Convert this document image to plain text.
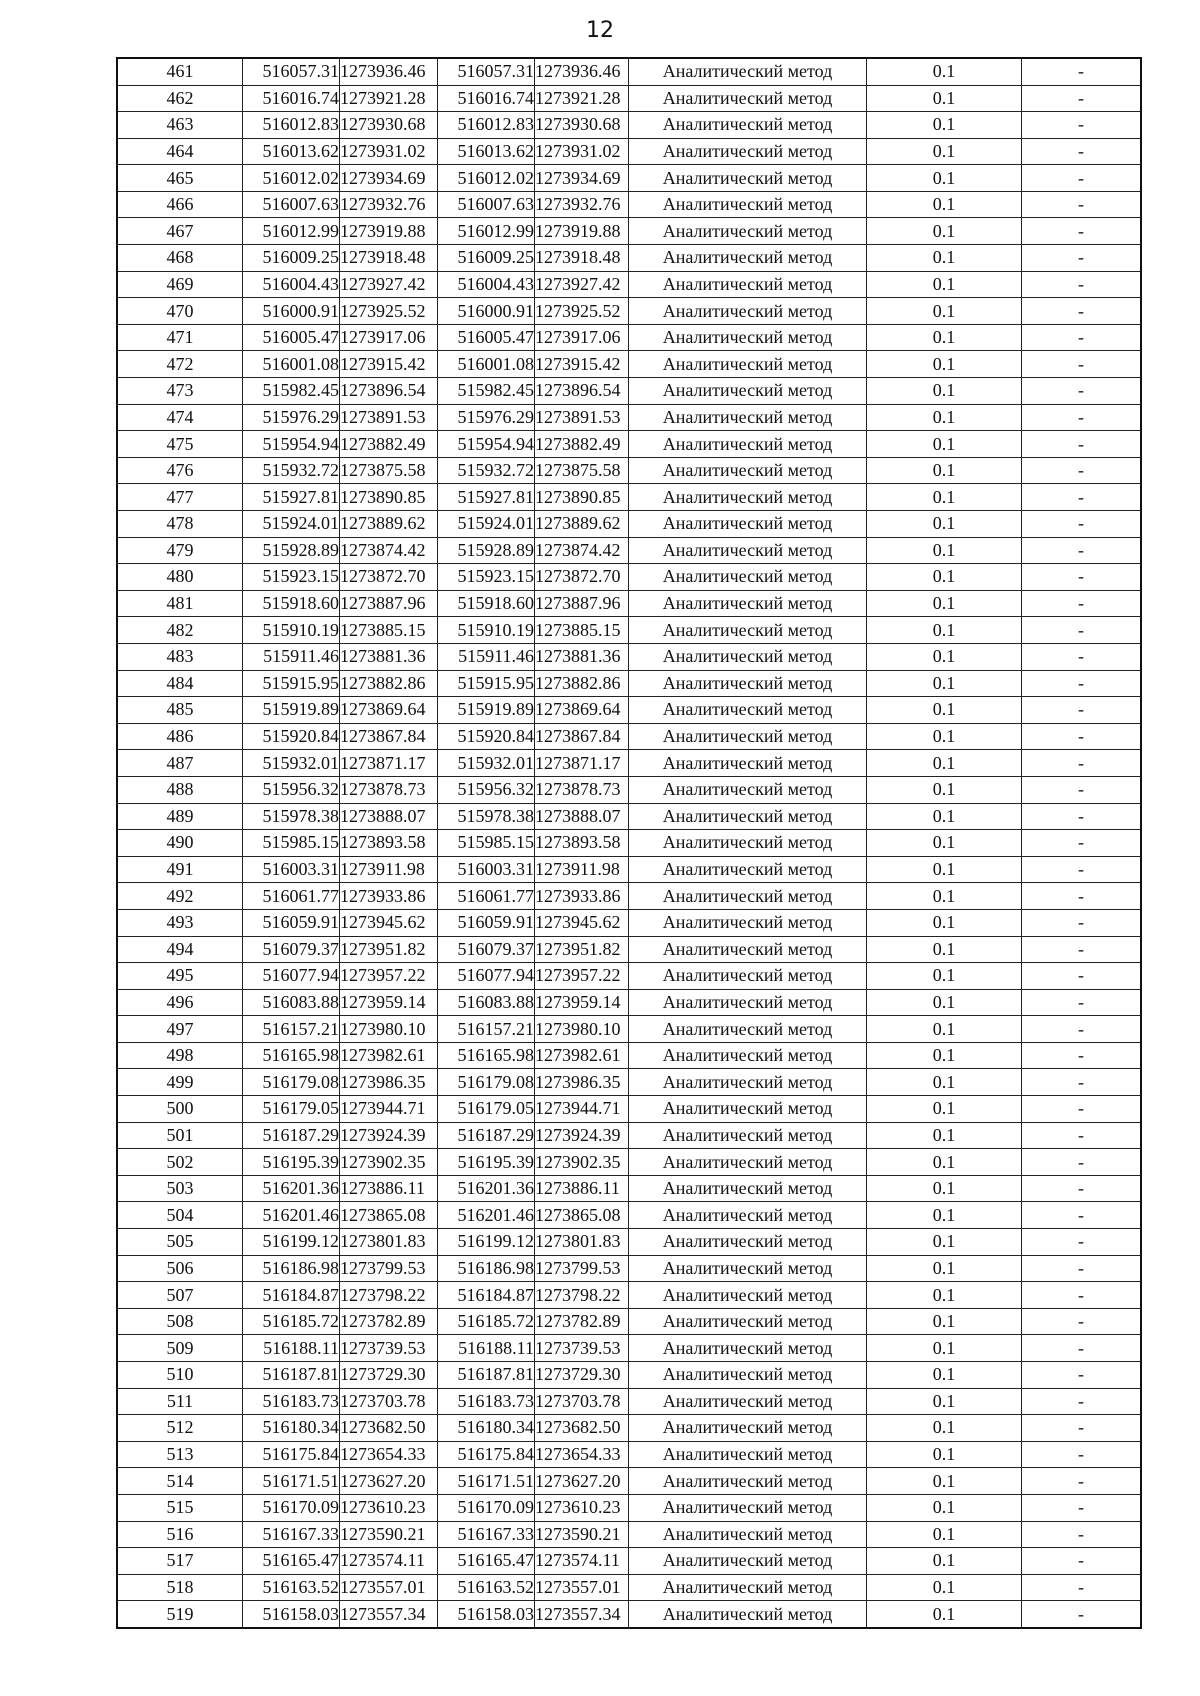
12
461	516057.31	1273936.46	516057.31	1273936.46	Аналитический метод	0.1	-
462	516016.74	1273921.28	516016.74	1273921.28	Аналитический метод	0.1	-
463	516012.83	1273930.68	516012.83	1273930.68	Аналитический метод	0.1	-
464	516013.62	1273931.02	516013.62	1273931.02	Аналитический метод	0.1	-
465	516012.02	1273934.69	516012.02	1273934.69	Аналитический метод	0.1	-
466	516007.63	1273932.76	516007.63	1273932.76	Аналитический метод	0.1	-
467	516012.99	1273919.88	516012.99	1273919.88	Аналитический метод	0.1	-
468	516009.25	1273918.48	516009.25	1273918.48	Аналитический метод	0.1	-
469	516004.43	1273927.42	516004.43	1273927.42	Аналитический метод	0.1	-
470	516000.91	1273925.52	516000.91	1273925.52	Аналитический метод	0.1	-
471	516005.47	1273917.06	516005.47	1273917.06	Аналитический метод	0.1	-
472	516001.08	1273915.42	516001.08	1273915.42	Аналитический метод	0.1	-
473	515982.45	1273896.54	515982.45	1273896.54	Аналитический метод	0.1	-
474	515976.29	1273891.53	515976.29	1273891.53	Аналитический метод	0.1	-
475	515954.94	1273882.49	515954.94	1273882.49	Аналитический метод	0.1	-
476	515932.72	1273875.58	515932.72	1273875.58	Аналитический метод	0.1	-
477	515927.81	1273890.85	515927.81	1273890.85	Аналитический метод	0.1	-
478	515924.01	1273889.62	515924.01	1273889.62	Аналитический метод	0.1	-
479	515928.89	1273874.42	515928.89	1273874.42	Аналитический метод	0.1	-
480	515923.15	1273872.70	515923.15	1273872.70	Аналитический метод	0.1	-
481	515918.60	1273887.96	515918.60	1273887.96	Аналитический метод	0.1	-
482	515910.19	1273885.15	515910.19	1273885.15	Аналитический метод	0.1	-
483	515911.46	1273881.36	515911.46	1273881.36	Аналитический метод	0.1	-
484	515915.95	1273882.86	515915.95	1273882.86	Аналитический метод	0.1	-
485	515919.89	1273869.64	515919.89	1273869.64	Аналитический метод	0.1	-
486	515920.84	1273867.84	515920.84	1273867.84	Аналитический метод	0.1	-
487	515932.01	1273871.17	515932.01	1273871.17	Аналитический метод	0.1	-
488	515956.32	1273878.73	515956.32	1273878.73	Аналитический метод	0.1	-
489	515978.38	1273888.07	515978.38	1273888.07	Аналитический метод	0.1	-
490	515985.15	1273893.58	515985.15	1273893.58	Аналитический метод	0.1	-
491	516003.31	1273911.98	516003.31	1273911.98	Аналитический метод	0.1	-
492	516061.77	1273933.86	516061.77	1273933.86	Аналитический метод	0.1	-
493	516059.91	1273945.62	516059.91	1273945.62	Аналитический метод	0.1	-
494	516079.37	1273951.82	516079.37	1273951.82	Аналитический метод	0.1	-
495	516077.94	1273957.22	516077.94	1273957.22	Аналитический метод	0.1	-
496	516083.88	1273959.14	516083.88	1273959.14	Аналитический метод	0.1	-
497	516157.21	1273980.10	516157.21	1273980.10	Аналитический метод	0.1	-
498	516165.98	1273982.61	516165.98	1273982.61	Аналитический метод	0.1	-
499	516179.08	1273986.35	516179.08	1273986.35	Аналитический метод	0.1	-
500	516179.05	1273944.71	516179.05	1273944.71	Аналитический метод	0.1	-
501	516187.29	1273924.39	516187.29	1273924.39	Аналитический метод	0.1	-
502	516195.39	1273902.35	516195.39	1273902.35	Аналитический метод	0.1	-
503	516201.36	1273886.11	516201.36	1273886.11	Аналитический метод	0.1	-
504	516201.46	1273865.08	516201.46	1273865.08	Аналитический метод	0.1	-
505	516199.12	1273801.83	516199.12	1273801.83	Аналитический метод	0.1	-
506	516186.98	1273799.53	516186.98	1273799.53	Аналитический метод	0.1	-
507	516184.87	1273798.22	516184.87	1273798.22	Аналитический метод	0.1	-
508	516185.72	1273782.89	516185.72	1273782.89	Аналитический метод	0.1	-
509	516188.11	1273739.53	516188.11	1273739.53	Аналитический метод	0.1	-
510	516187.81	1273729.30	516187.81	1273729.30	Аналитический метод	0.1	-
511	516183.73	1273703.78	516183.73	1273703.78	Аналитический метод	0.1	-
512	516180.34	1273682.50	516180.34	1273682.50	Аналитический метод	0.1	-
513	516175.84	1273654.33	516175.84	1273654.33	Аналитический метод	0.1	-
514	516171.51	1273627.20	516171.51	1273627.20	Аналитический метод	0.1	-
515	516170.09	1273610.23	516170.09	1273610.23	Аналитический метод	0.1	-
516	516167.33	1273590.21	516167.33	1273590.21	Аналитический метод	0.1	-
517	516165.47	1273574.11	516165.47	1273574.11	Аналитический метод	0.1	-
518	516163.52	1273557.01	516163.52	1273557.01	Аналитический метод	0.1	-
519	516158.03	1273557.34	516158.03	1273557.34	Аналитический метод	0.1	-
